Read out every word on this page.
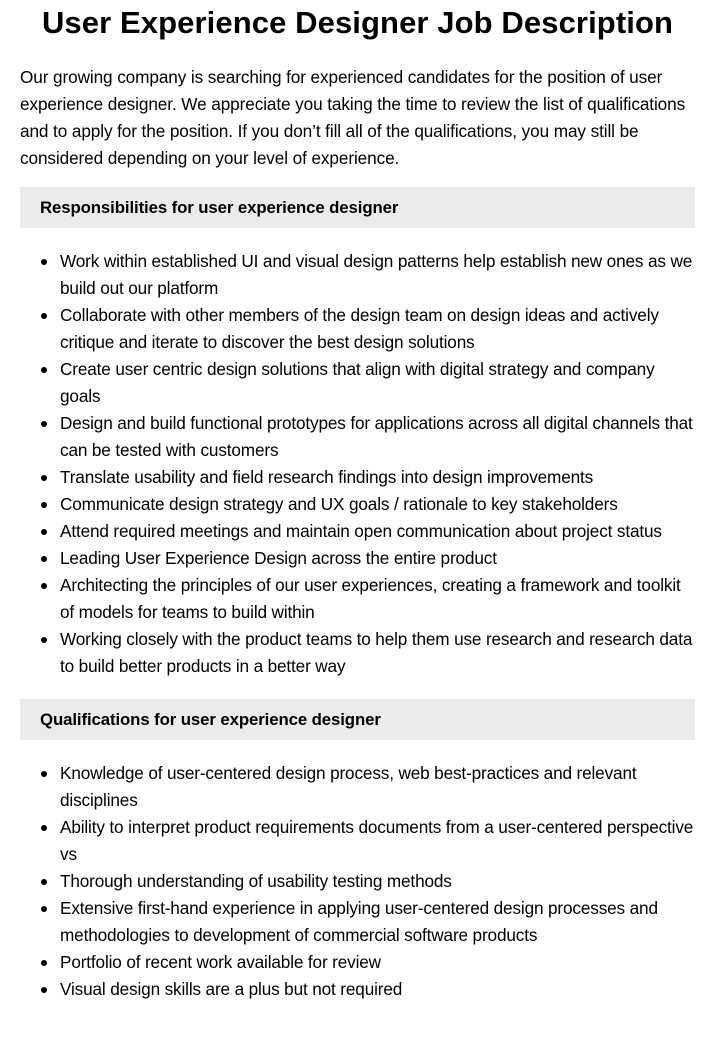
User Experience Designer Job Description

Our growing company is searching for experienced candidates for the position of user experience designer. We appreciate you taking the time to review the list of qualifications and to apply for the position. If you don’t fill all of the qualifications, you may still be considered depending on your level of experience.

Responsibilities for user experience designer
Work within established UI and visual design patterns help establish new ones as we build out our platform
Collaborate with other members of the design team on design ideas and actively critique and iterate to discover the best design solutions
Create user centric design solutions that align with digital strategy and company goals
Design and build functional prototypes for applications across all digital channels that can be tested with customers
Translate usability and field research findings into design improvements
Communicate design strategy and UX goals / rationale to key stakeholders
Attend required meetings and maintain open communication about project status
Leading User Experience Design across the entire product
Architecting the principles of our user experiences, creating a framework and toolkit of models for teams to build within
Working closely with the product teams to help them use research and research data to build better products in a better way
Qualifications for user experience designer
Knowledge of user-centered design process, web best-practices and relevant disciplines
Ability to interpret product requirements documents from a user-centered perspective vs
Thorough understanding of usability testing methods
Extensive first-hand experience in applying user-centered design processes and methodologies to development of commercial software products
Portfolio of recent work available for review
Visual design skills are a plus but not required
